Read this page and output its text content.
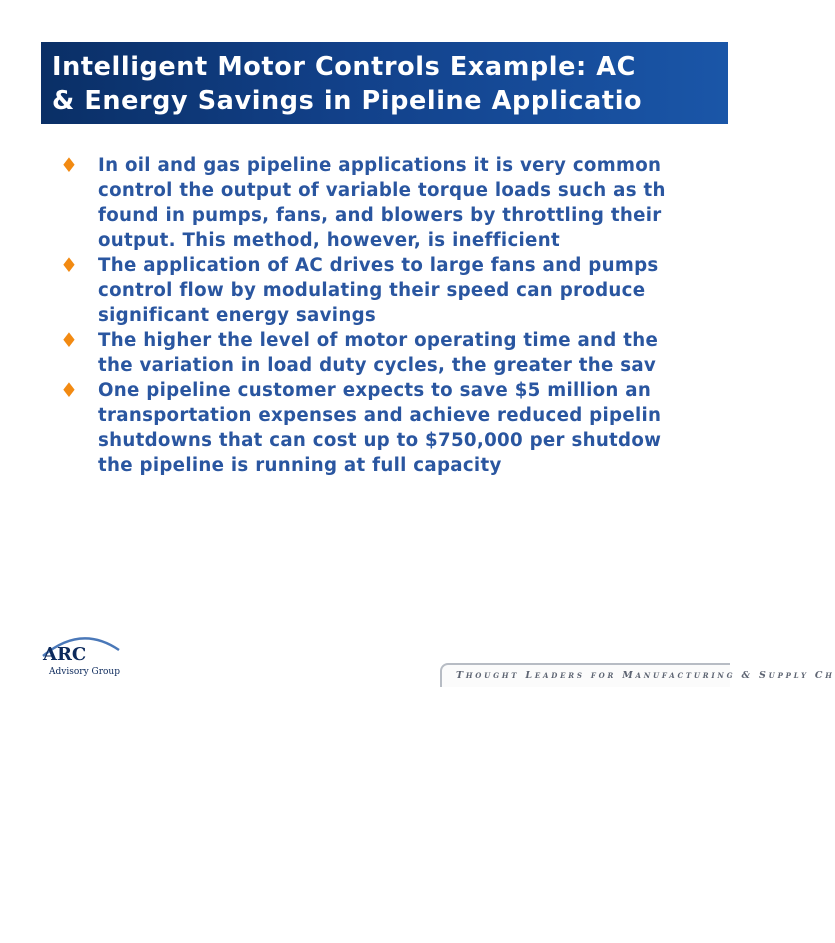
Intelligent Motor Controls Example: AC
& Energy Savings in Pipeline Applicatio
♦ In oil and gas pipeline applications it is very common
control the output of variable torque loads such as th
found in pumps, fans, and blowers by throttling their
output. This method, however, is inefficient
♦ The application of AC drives to large fans and pumps
control flow by modulating their speed can produce
significant energy savings
♦ The higher the level of motor operating time and the
the variation in load duty cycles, the greater the sav
♦ One pipeline customer expects to save $5 million an
transportation expenses and achieve reduced pipelin
shutdowns that can cost up to $750,000 per shutdow
the pipeline is running at full capacity
ARC
Advisory Group	Thought Leaders for Manufacturing & Supply Ch
